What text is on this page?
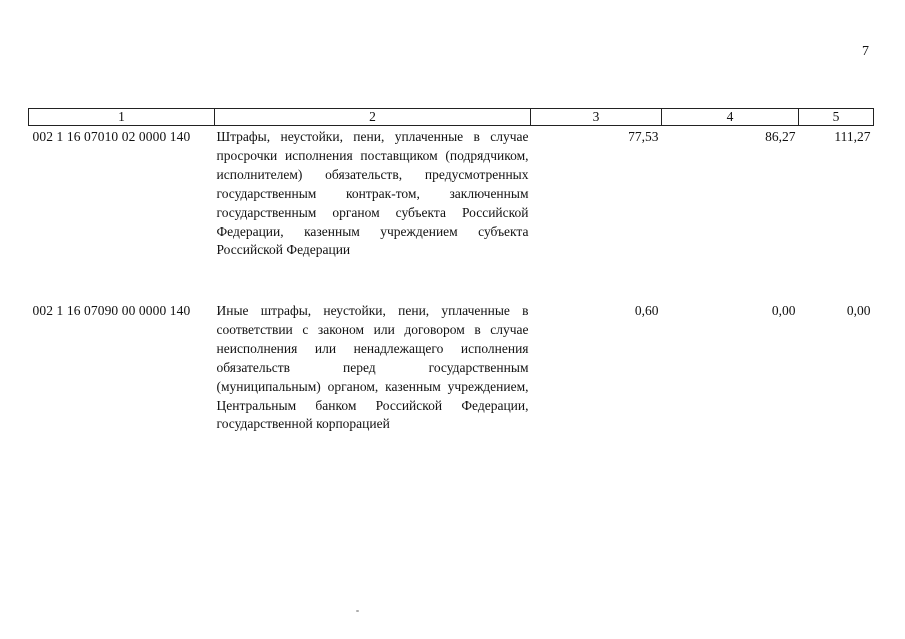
7
1	2	3	4	5
002 1 16 07010 02 0000 140	Штрафы, неустойки, пени, уплаченные в случае просрочки исполнения поставщиком (подрядчиком, исполнителем) обязательств, предусмотренных государственным контрак-том, заключенным государственным органом субъекта Российской Федерации, казенным учреждением субъекта Российской Федерации	77,53	86,27	111,27
002 1 16 07090 00 0000 140	Иные штрафы, неустойки, пени, уплаченные в соответствии с законом или договором в случае неисполнения или ненадлежащего исполнения обязательств перед государственным (муниципальным) органом, казенным учреждением, Центральным банком Российской Федерации, государственной корпорацией	0,60	0,00	0,00
